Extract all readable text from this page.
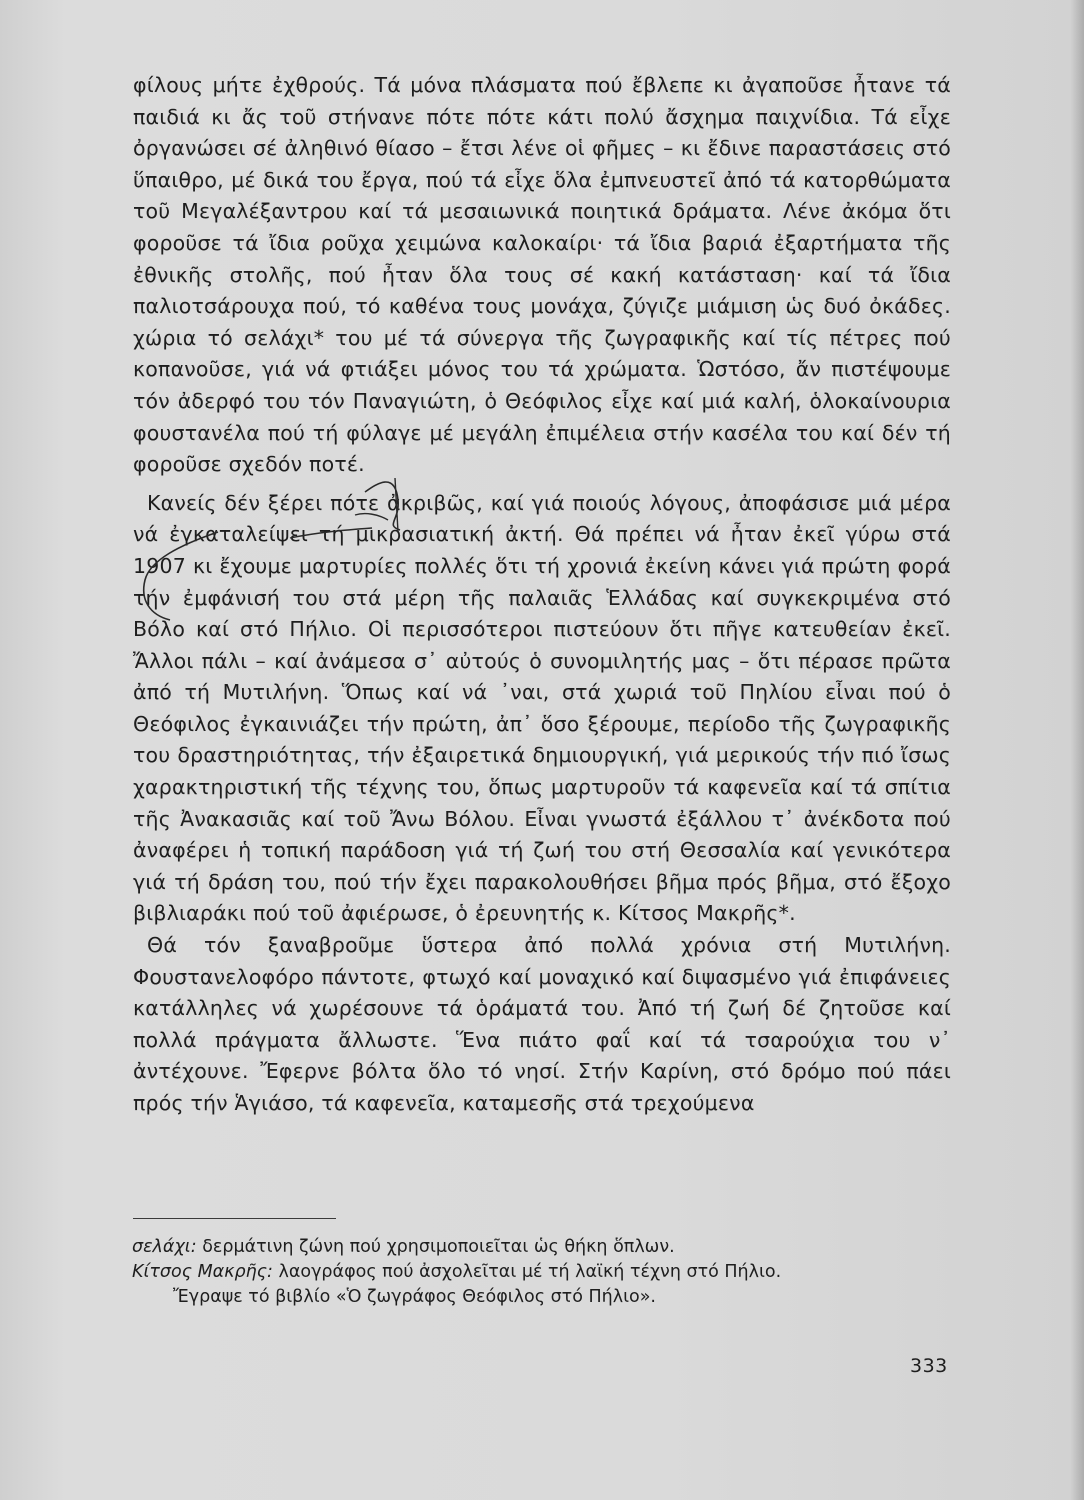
φίλους μήτε ἐχθρούς. Τά μόνα πλάσματα πού ἔβλεπε κι ἀγαποῦσε ἦτανε τά παιδιά κι ἄς τοῦ στήνανε πότε πότε κάτι πολύ ἄσχημα παιχνίδια. Τά εἶχε ὀργανώσει σέ ἀληθινό θίασο – ἔτσι λένε οἱ φῆμες – κι ἔδινε παραστάσεις στό ὕπαιθρο, μέ δικά του ἔργα, πού τά εἶχε ὅλα ἐμπνευστεῖ ἀπό τά κατορθώματα τοῦ Μεγαλέξαντρου καί τά μεσαιωνικά ποιητικά δράματα. Λένε ἀκόμα ὅτι φοροῦσε τά ἴδια ροῦχα χειμώνα καλοκαίρι· τά ἴδια βαριά ἐξαρτήματα τῆς ἐθνικῆς στολῆς, πού ἦταν ὅλα τους σέ κακή κατάσταση· καί τά ἴδια παλιοτσάρουχα πού, τό καθένα τους μονάχα, ζύγιζε μιάμιση ὡς δυό ὀκάδες. χώρια τό σελάχι* του μέ τά σύνεργα τῆς ζωγραφικῆς καί τίς πέτρες πού κοπανοῦσε, γιά νά φτιάξει μόνος του τά χρώματα. Ὡστόσο, ἄν πιστέψουμε τόν ἀδερφό του τόν Παναγιώτη, ὁ Θεόφιλος εἶχε καί μιά καλή, ὁλοκαίνουρια φουστανέλα πού τή φύλαγε μέ μεγάλη ἐπιμέλεια στήν κασέλα του καί δέν τή φοροῦσε σχεδόν ποτέ.

Κανείς δέν ξέρει πότε ἀκριβῶς, καί γιά ποιούς λόγους, ἀποφάσισε μιά μέρα νά ἐγκαταλείψει τή μικρασιατική ἀκτή. Θά πρέπει νά ἦταν ἐκεῖ γύρω στά 1907 κι ἔχουμε μαρτυρίες πολλές ὅτι τή χρονιά ἐκείνη κάνει γιά πρώτη φορά τήν ἐμφάνισή του στά μέρη τῆς παλαιᾶς Ἑλλάδας καί συγκεκριμένα στό Βόλο καί στό Πήλιο. Οἱ περισσότεροι πιστεύουν ὅτι πῆγε κατευθείαν ἐκεῖ. Ἄλλοι πάλι – καί ἀνάμεσα σ᾽ αὐτούς ὁ συνομιλητής μας – ὅτι πέρασε πρῶτα ἀπό τή Μυτιλήνη. Ὅπως καί νά ᾽ναι, στά χωριά τοῦ Πηλίου εἶναι πού ὁ Θεόφιλος ἐγκαινιάζει τήν πρώτη, ἀπ᾽ ὅσο ξέρουμε, περίοδο τῆς ζωγραφικῆς του δραστηριότητας, τήν ἐξαιρετικά δημιουργική, γιά μερικούς τήν πιό ἴσως χαρακτηριστική τῆς τέχνης του, ὅπως μαρτυροῦν τά καφενεῖα καί τά σπίτια τῆς Ἀνακασιᾶς καί τοῦ Ἄνω Βόλου. Εἶναι γνωστά ἐξάλλου τ᾽ ἀνέκδοτα πού ἀναφέρει ἡ τοπική παράδοση γιά τή ζωή του στή Θεσσαλία καί γενικότερα γιά τή δράση του, πού τήν ἔχει παρακολουθήσει βῆμα πρός βῆμα, στό ἔξοχο βιβλιαράκι πού τοῦ ἀφιέρωσε, ὁ ἐρευνητής κ. Κίτσος Μακρῆς*.

Θά τόν ξαναβροῦμε ὕστερα ἀπό πολλά χρόνια στή Μυτιλήνη. Φουστανελοφόρο πάντοτε, φτωχό καί μοναχικό καί διψασμένο γιά ἐπιφάνειες κατάλληλες νά χωρέσουνε τά ὁράματά του. Ἀπό τή ζωή δέ ζητοῦσε καί πολλά πράγματα ἄλλωστε. Ἕνα πιάτο φαΐ καί τά τσαρούχια του ν᾽ ἀντέχουνε. Ἔφερνε βόλτα ὅλο τό νησί. Στήν Καρίνη, στό δρόμο πού πάει πρός τήν Ἁγιάσο, τά καφενεῖα, καταμεσῆς στά τρεχούμενα

σελάχι: δερμάτινη ζώνη πού χρησιμοποιεῖται ὡς θήκη ὅπλων.

Κίτσος Μακρῆς: λαογράφος πού ἀσχολεῖται μέ τή λαϊκή τέχνη στό Πήλιο.

Ἔγραψε τό βιβλίο «Ὁ ζωγράφος Θεόφιλος στό Πήλιο».

333
